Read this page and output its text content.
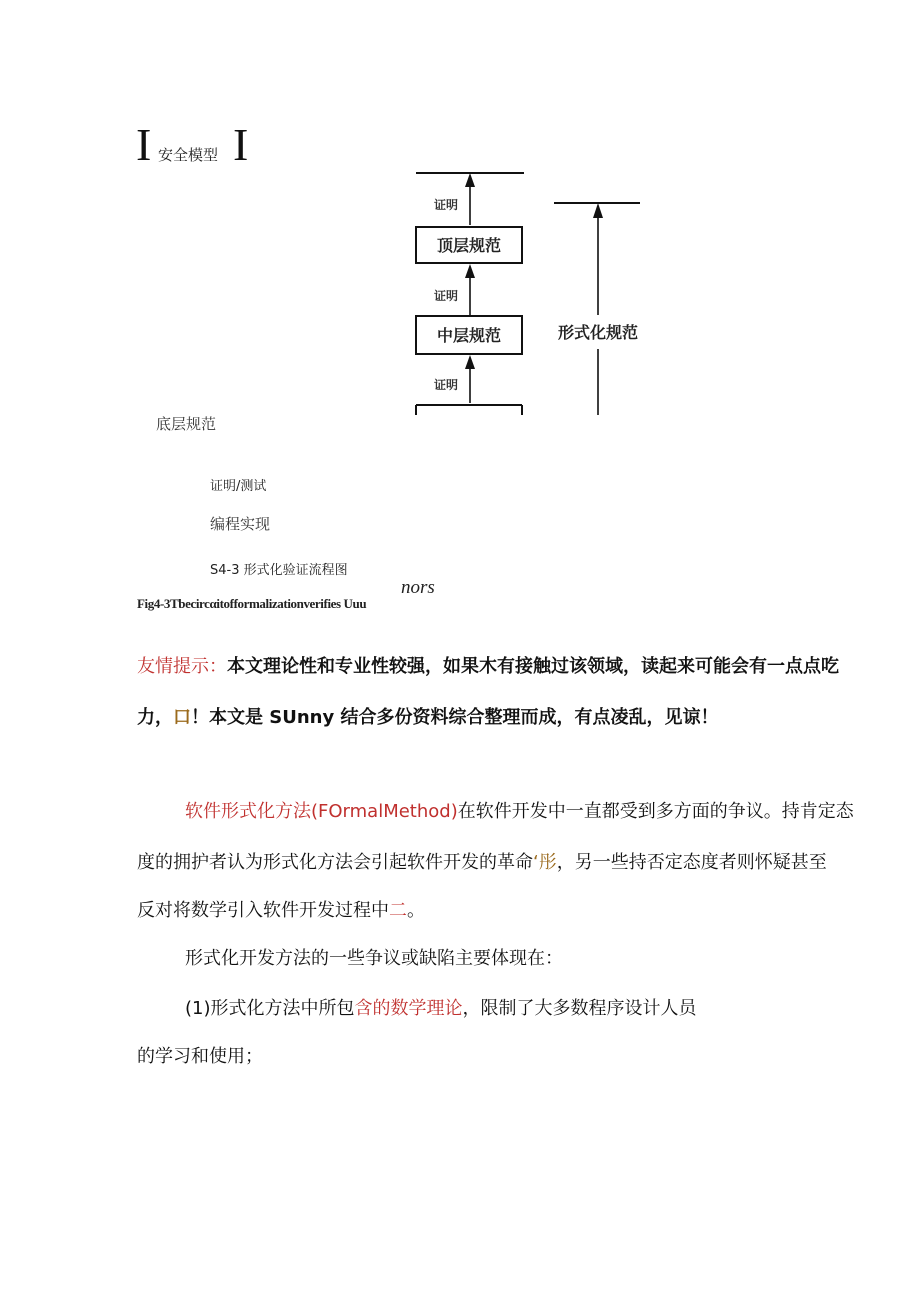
I 安全模型 I
证明
顶层规范
证明
中层规范
证明
形式化规范
底层规范
证明/测试
编程实现
S4-3 形式化验证流程图
nors
Fig4-3Tbecircαitofformalizationverifies Uuu
友情提示：本文理论性和专业性较强，如果木有接触过该领域，读起来可能会有一点点吃
力，口！本文是 SUnny 结合多份资料综合整理而成，有点凌乱，见谅！
软件形式化方法(FOrmalMethod)在软件开发中一直都受到多方面的争议。持肯定态
度的拥护者认为形式化方法会引起软件开发的革命‘彤，另一些持否定态度者则怀疑甚至
反对将数学引入软件开发过程中二。
形式化开发方法的一些争议或缺陷主要体现在：
(1)形式化方法中所包含的数学理论，限制了大多数程序设计人员
的学习和使用；
